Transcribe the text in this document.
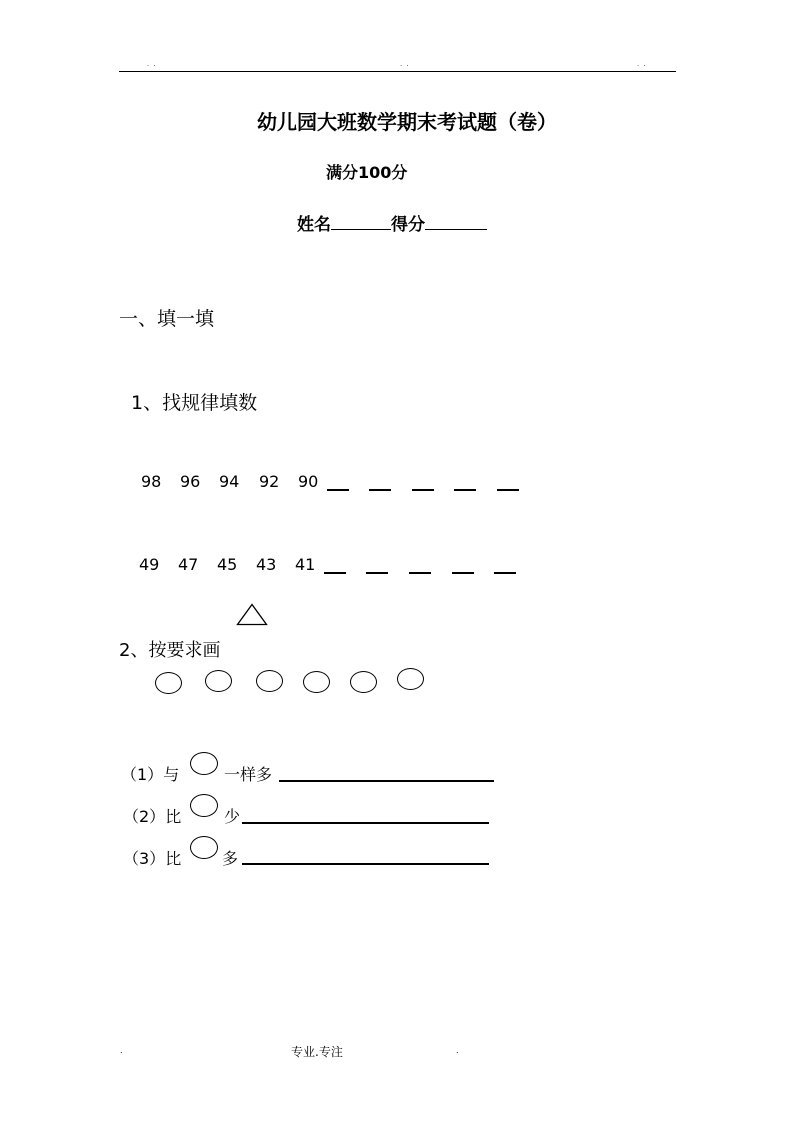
· ·	· ·	· ·
幼儿园大班数学期末考试题（卷）
满分100分
姓名	得分
一、填一填
1、找规律填数
98 96 94 92 90
49 47 45 43 41
2、按要求画
（1）与	一样多
（2）比	少
（3）比	多
.	专业.专注	.
